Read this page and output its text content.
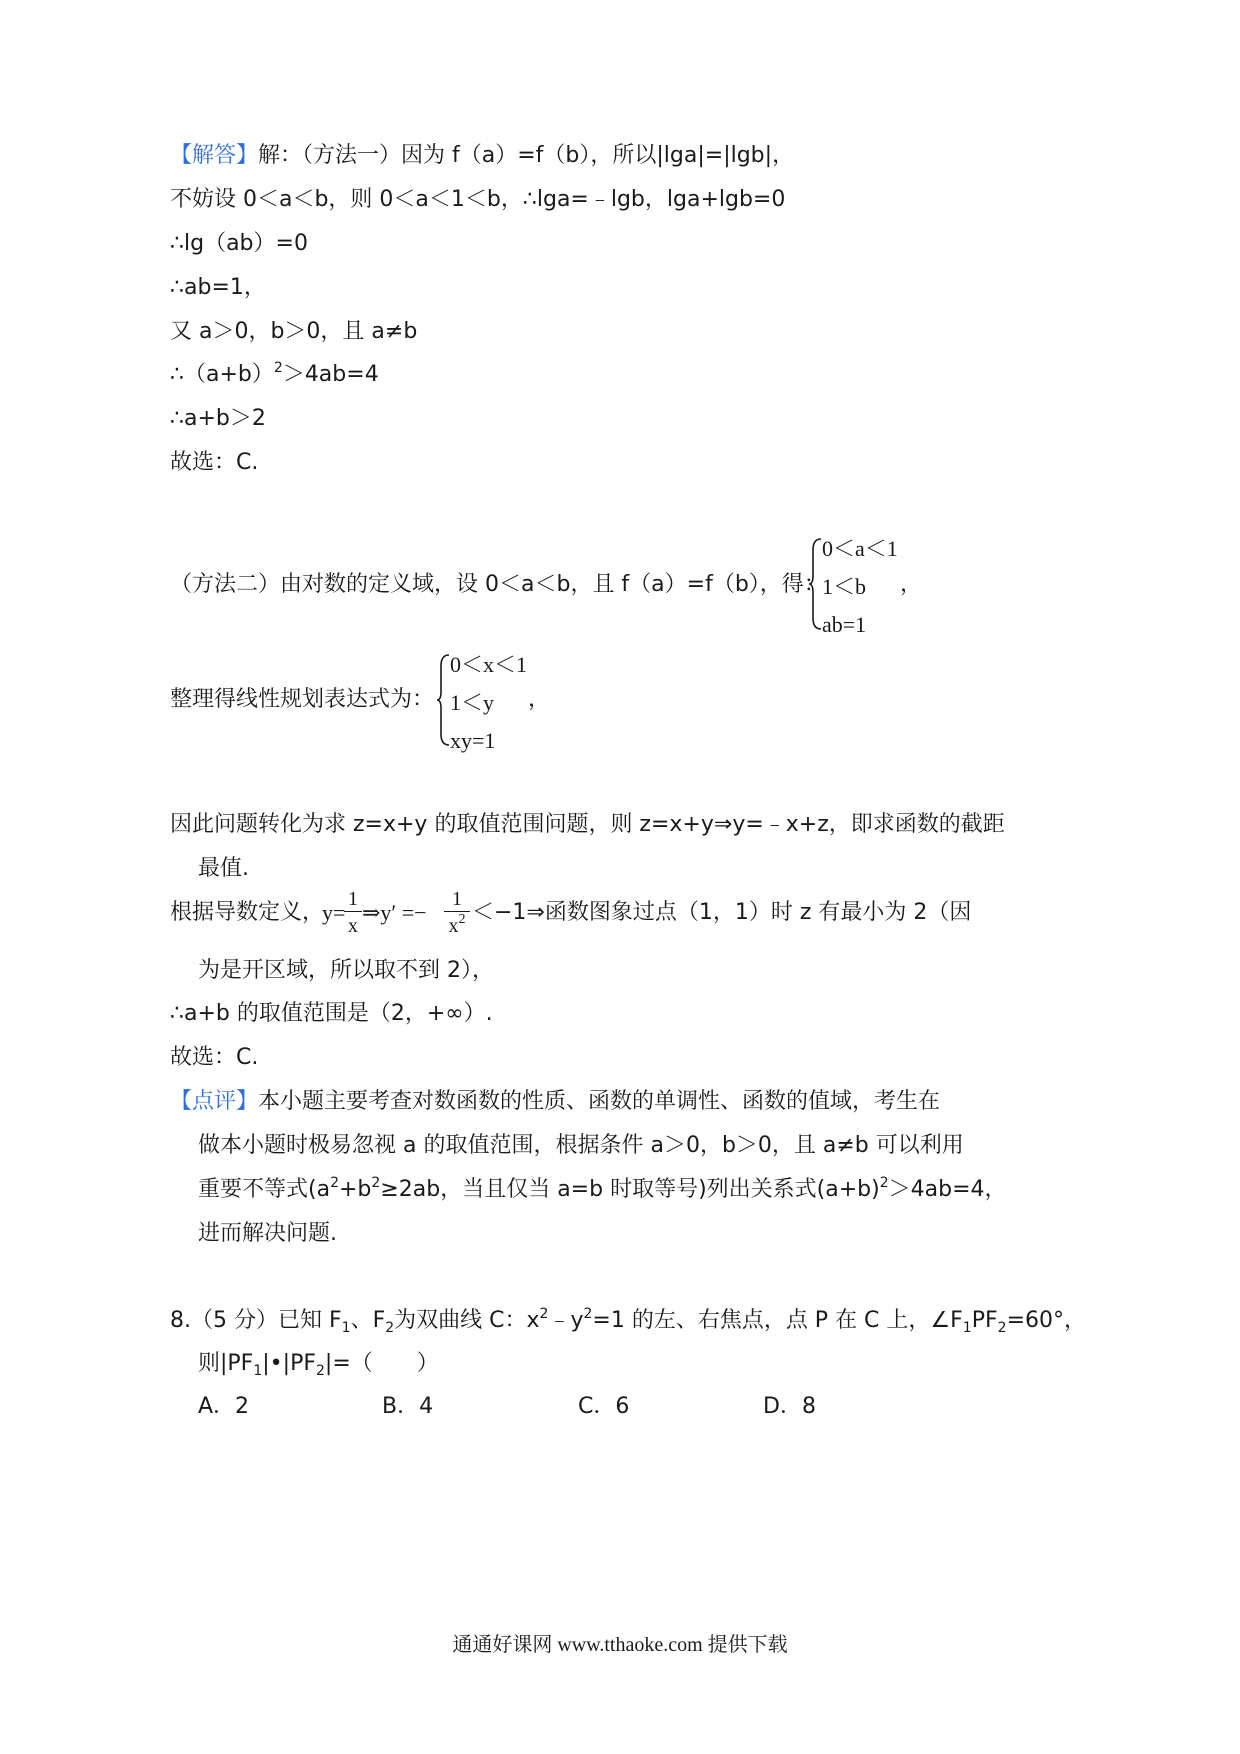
【解答】解：（方法一）因为 f（a）=f（b），所以|lga|=|lgb|，
不妨设 0＜a＜b，则 0＜a＜1＜b，∴lga=﹣lgb，lga+lgb=0
∴lg（ab）=0
∴ab=1，
又 a＞0，b＞0，且 a≠b
$\therefore(a+b)^2>4ab=4$
∴a+b＞2
故选：C.
（方法二）由对数的定义域，设 0＜a＜b，且 f（a）=f（b），得：
0＜a＜1
1＜b
ab=1
，
整理得线性规划表达式为：
0＜x＜1
1＜y
xy=1
，
因此问题转化为求 z=x+y 的取值范围问题，则 z=x+y⇒y=﹣x+z，即求函数的截距
最值.
根据导数定义，
y=
1
x
⇒y′ =−
1
$x^2$ ＜−1⇒函数图象过点（1，1）时 z 有最小为 2（因
为是开区域，所以取不到 2），
∴a+b 的取值范围是（2，+∞）.
故选：C.
【点评】本小题主要考查对数函数的性质、函数的单调性、函数的值域，考生在
做本小题时极易忽视 a 的取值范围，根据条件 a＞0，b＞0，且 a≠b 可以利用
重要不等式($a^2+b^2\ge 2ab$，当且仅当 a=b 时取等号)列出关系式$(a+b)^2>4ab=4$，
进而解决问题.
8.（5 分）已知 $F_1$、$F_2$为双曲线 C：$x^2﹣y^2=1$ 的左、右焦点，点 P 在 C 上，$\angle F_1PF_2=60^\circ$，
则$|PF_1|•|PF_2|=$（　　）
A．2	B．4	C．6	D．8
通通好课网 www.tthaoke.com 提供下载
